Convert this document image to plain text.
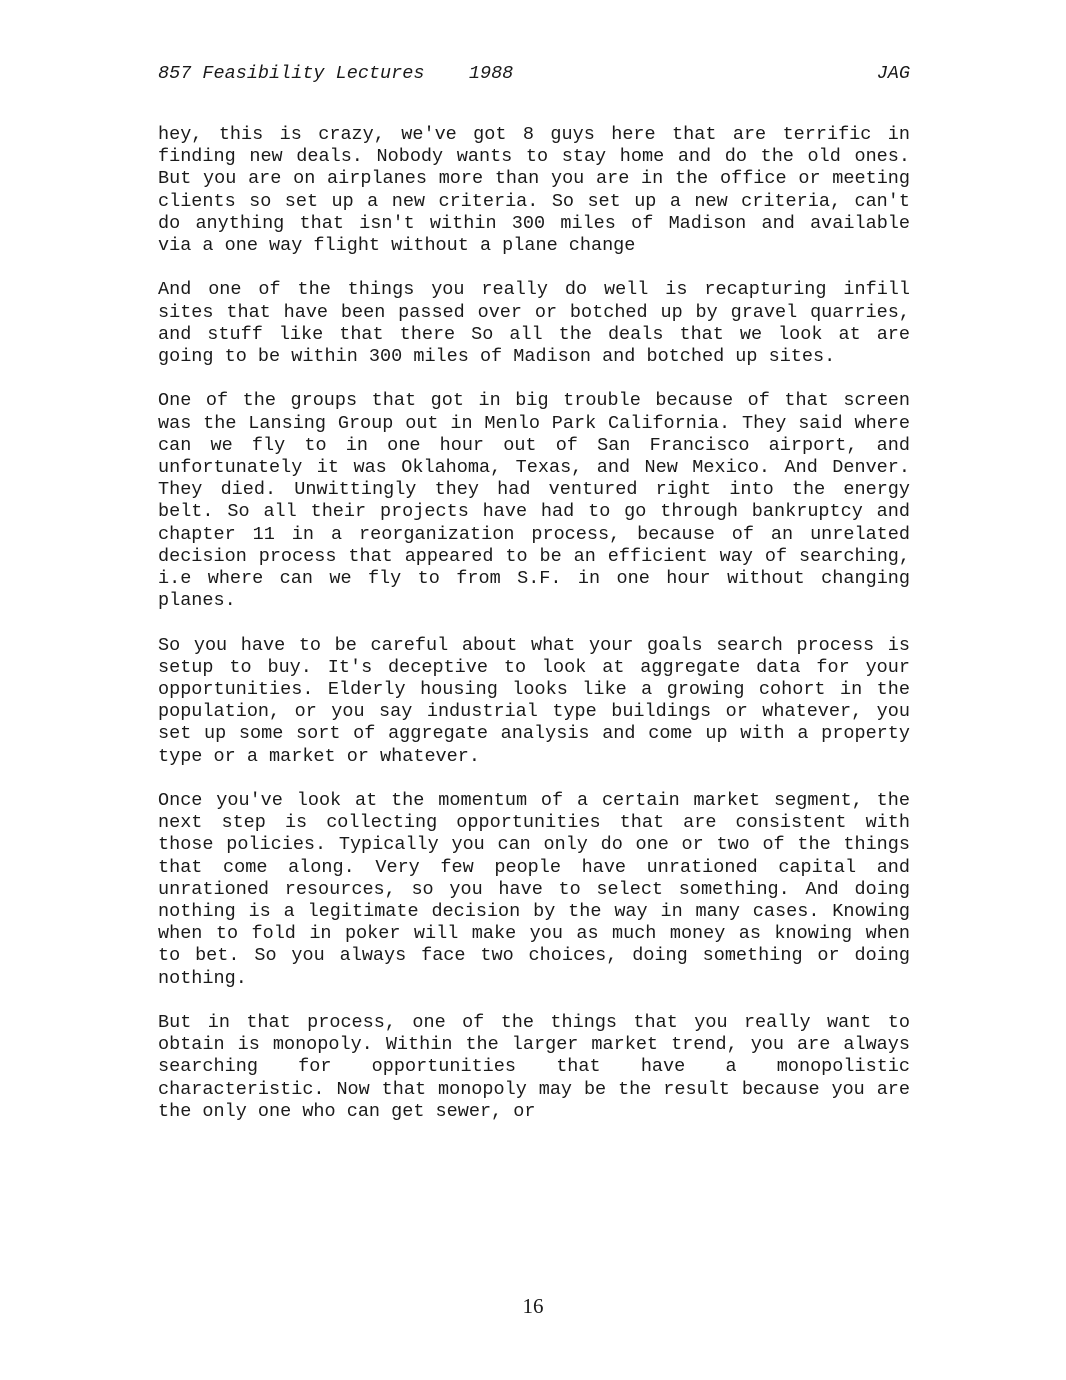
857 Feasibility Lectures 1988

	JAG

hey, this is crazy, we've got 8 guys here that are terrific in finding new deals. Nobody wants to stay home and do the old ones. But you are on airplanes more than you are in the office or meeting clients so set up a new criteria. So set up a new criteria, can't do anything that isn't within 300 miles of Madison and available via a one way flight without a plane change

And one of the things you really do well is recapturing infill sites that have been passed over or botched up by gravel quarries, and stuff like that there So all the deals that we look at are going to be within 300 miles of Madison and botched up sites.

One of the groups that got in big trouble because of that screen was the Lansing Group out in Menlo Park California. They said where can we fly to in one hour out of San Francisco airport, and unfortunately it was Oklahoma, Texas, and New Mexico. And Denver. They died. Unwittingly they had ventured right into the energy belt. So all their projects have had to go through bankruptcy and chapter 11 in a reorganization process, because of an unrelated decision process that appeared to be an efficient way of searching, i.e where can we fly to from S.F. in one hour without changing planes.

So you have to be careful about what your goals search process is setup to buy. It's deceptive to look at aggregate data for your opportunities. Elderly housing looks like a growing cohort in the population, or you say industrial type buildings or whatever, you set up some sort of aggregate analysis and come up with a property type or a market or whatever.

Once you've look at the momentum of a certain market segment, the next step is collecting opportunities that are consistent with those policies. Typically you can only do one or two of the things that come along. Very few people have unrationed capital and unrationed resources, so you have to select something. And doing nothing is a legitimate decision by the way in many cases. Knowing when to fold in poker will make you as much money as knowing when to bet. So you always face two choices, doing something or doing nothing.

But in that process, one of the things that you really want to obtain is monopoly. Within the larger market trend, you are always searching for opportunities that have a monopolistic characteristic. Now that monopoly may be the result because you are the only one who can get sewer, or

16
